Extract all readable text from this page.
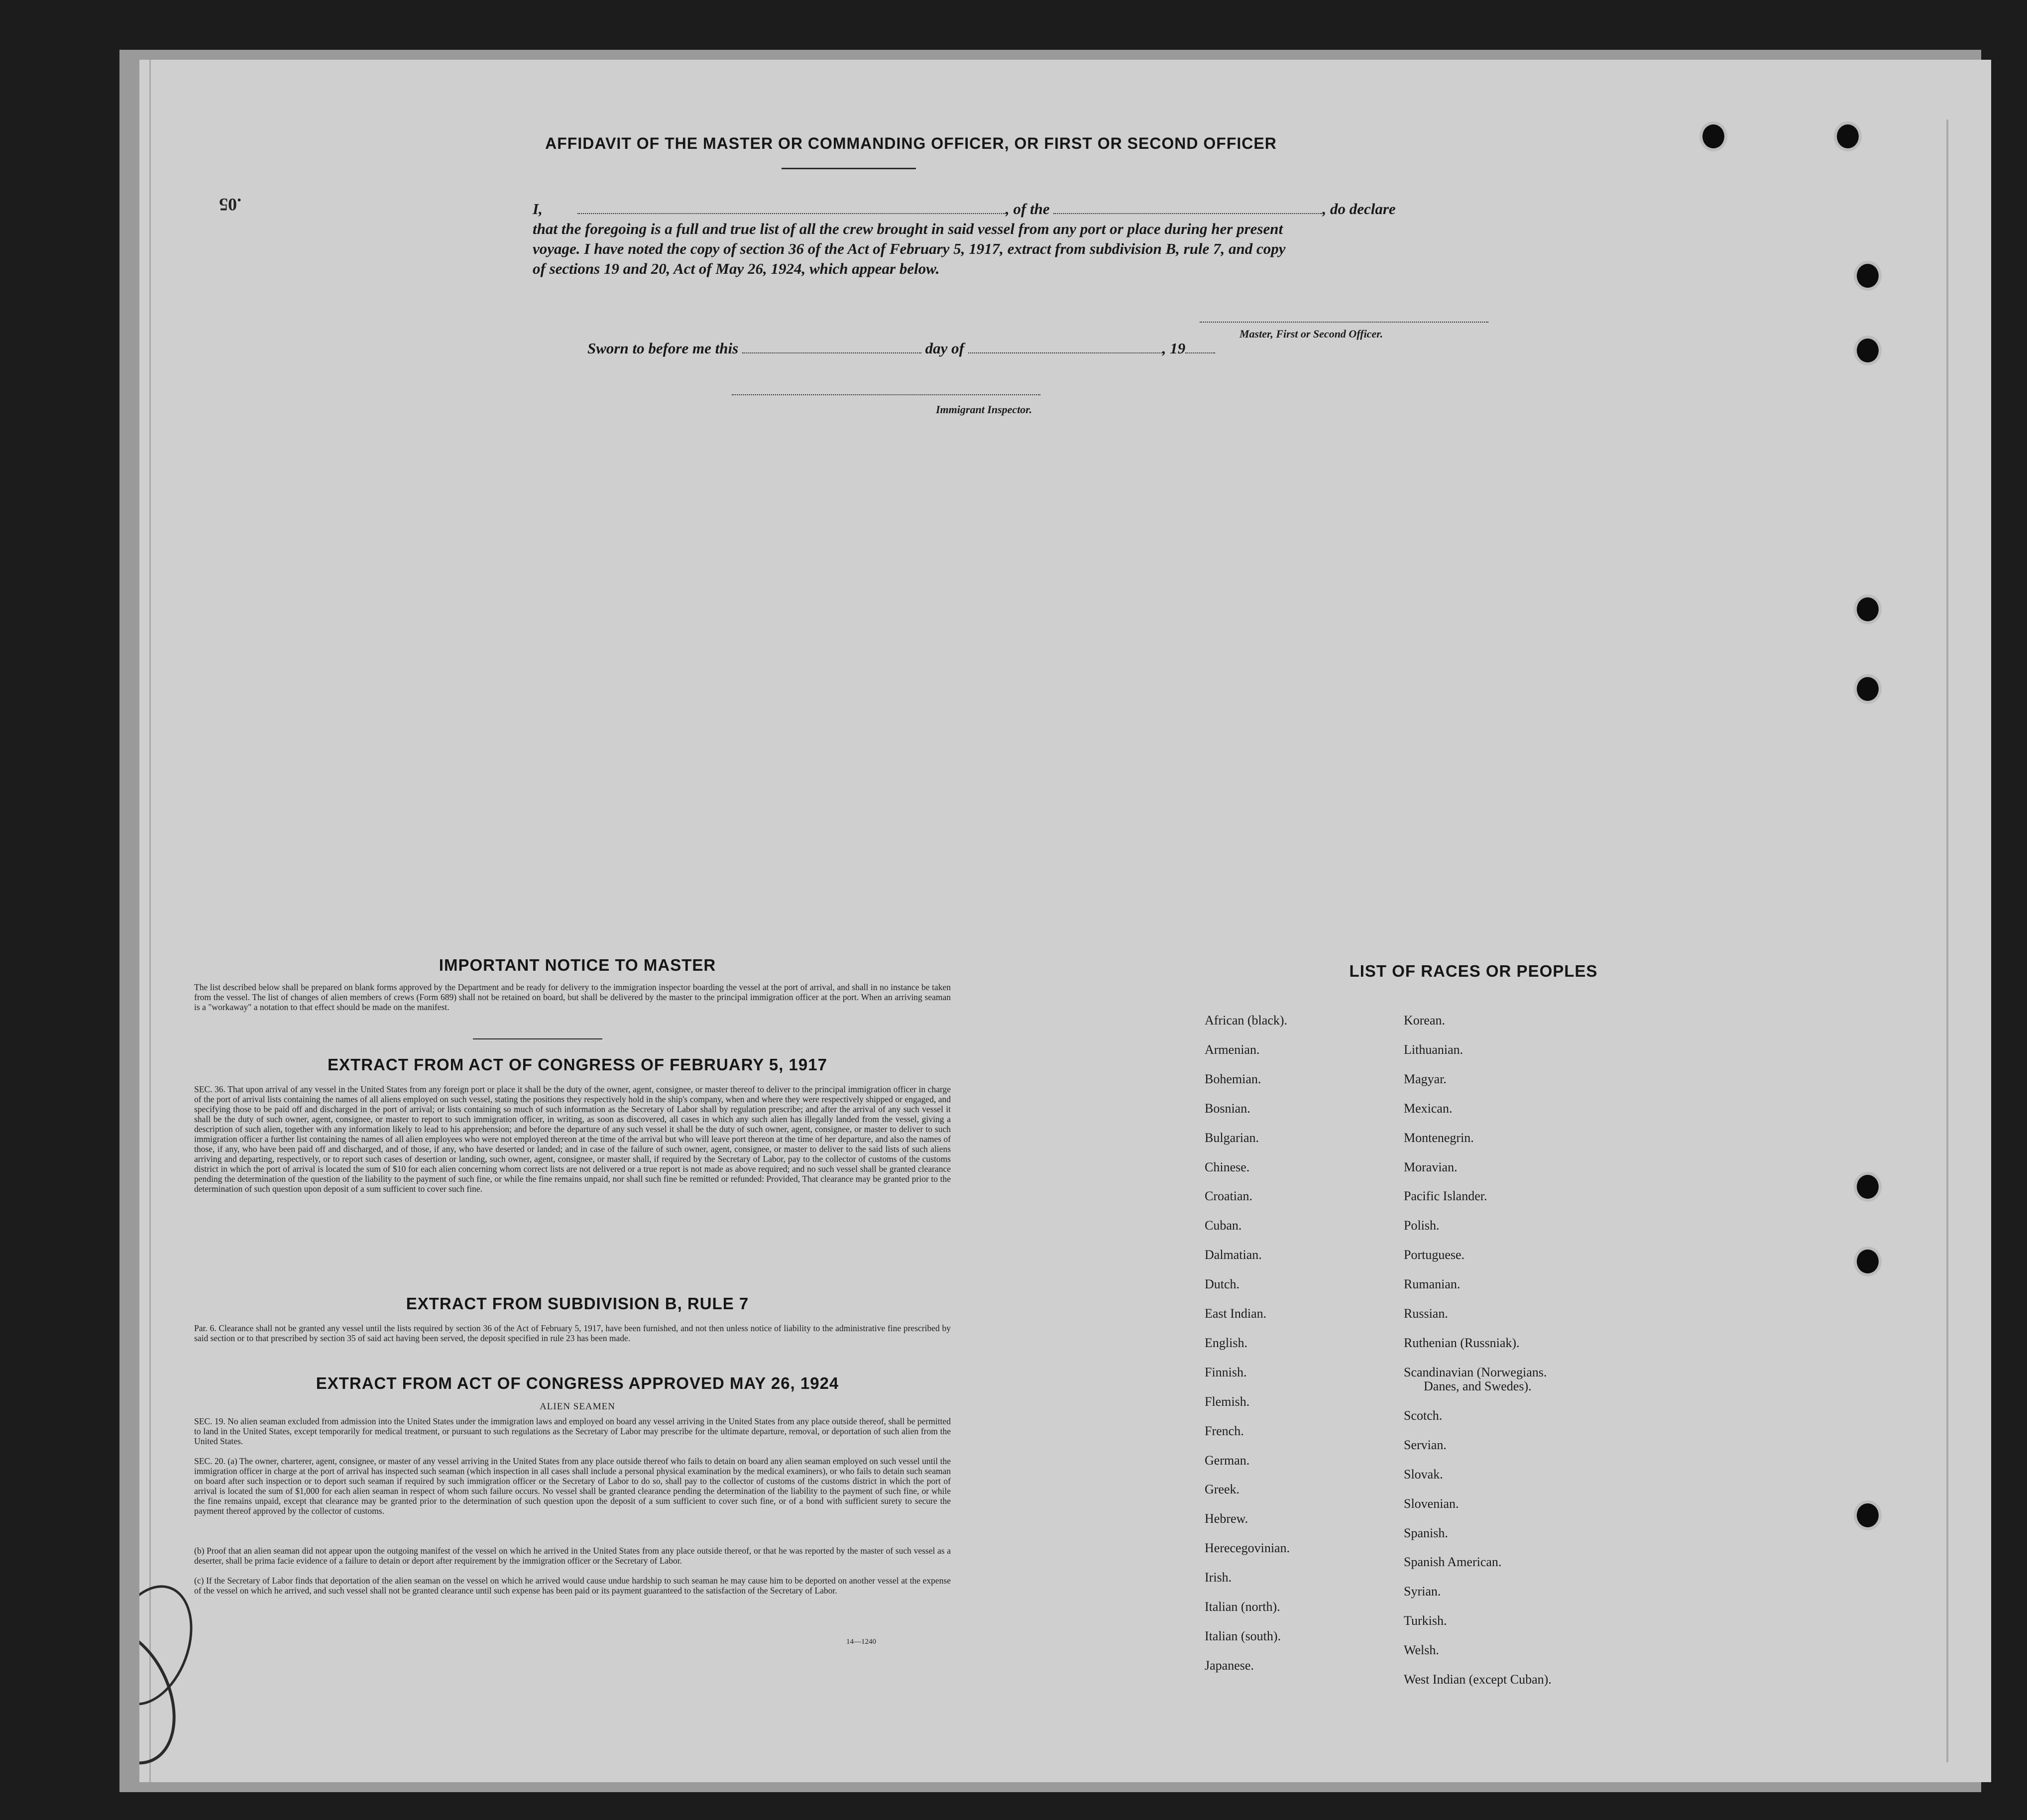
.05
AFFIDAVIT OF THE MASTER OR COMMANDING OFFICER, OR FIRST OR SECOND OFFICER
I,	, of the	, do declare
that the foregoing is a full and true list of all the crew brought in said vessel from any port or place during her present
voyage. I have noted the copy of section 36 of the Act of February 5, 1917, extract from subdivision B, rule 7, and copy
of sections 19 and 20, Act of May 26, 1924, which appear below.
Master, First or Second Officer.
Sworn to before me this	day of	, 19
Immigrant Inspector.
IMPORTANT NOTICE TO MASTER
The list described below shall be prepared on blank forms approved by the Department and be ready for delivery to the immigration inspector boarding the vessel at the port of arrival, and shall in no instance be taken from the vessel. The list of changes of alien members of crews (Form 689) shall not be retained on board, but shall be delivered by the master to the principal immigration officer at the port. When an arriving seaman is a "workaway" a notation to that effect should be made on the manifest.
EXTRACT FROM ACT OF CONGRESS OF FEBRUARY 5, 1917
SEC. 36. That upon arrival of any vessel in the United States from any foreign port or place it shall be the duty of the owner, agent, consignee, or master thereof to deliver to the principal immigration officer in charge of the port of arrival lists containing the names of all aliens employed on such vessel, stating the positions they respectively hold in the ship's company, when and where they were respectively shipped or engaged, and specifying those to be paid off and discharged in the port of arrival; or lists containing so much of such information as the Secretary of Labor shall by regulation prescribe; and after the arrival of any such vessel it shall be the duty of such owner, agent, consignee, or master to report to such immigration officer, in writing, as soon as discovered, all cases in which any such alien has illegally landed from the vessel, giving a description of such alien, together with any information likely to lead to his apprehension; and before the departure of any such vessel it shall be the duty of such owner, agent, consignee, or master to deliver to such immigration officer a further list containing the names of all alien employees who were not employed thereon at the time of the arrival but who will leave port thereon at the time of her departure, and also the names of those, if any, who have been paid off and discharged, and of those, if any, who have deserted or landed; and in case of the failure of such owner, agent, consignee, or master to deliver to the said lists of such aliens arriving and departing, respectively, or to report such cases of desertion or landing, such owner, agent, consignee, or master shall, if required by the Secretary of Labor, pay to the collector of customs of the customs district in which the port of arrival is located the sum of $10 for each alien concerning whom correct lists are not delivered or a true report is not made as above required; and no such vessel shall be granted clearance pending the determination of the question of the liability to the payment of such fine, or while the fine remains unpaid, nor shall such fine be remitted or refunded: Provided, That clearance may be granted prior to the determination of such question upon deposit of a sum sufficient to cover such fine.
EXTRACT FROM SUBDIVISION B, RULE 7
Par. 6. Clearance shall not be granted any vessel until the lists required by section 36 of the Act of February 5, 1917, have been furnished, and not then unless notice of liability to the administrative fine prescribed by said section or to that prescribed by section 35 of said act having been served, the deposit specified in rule 23 has been made.
EXTRACT FROM ACT OF CONGRESS APPROVED MAY 26, 1924
ALIEN SEAMEN
SEC. 19. No alien seaman excluded from admission into the United States under the immigration laws and employed on board any vessel arriving in the United States from any place outside thereof, shall be permitted to land in the United States, except temporarily for medical treatment, or pursuant to such regulations as the Secretary of Labor may prescribe for the ultimate departure, removal, or deportation of such alien from the United States.
SEC. 20. (a) The owner, charterer, agent, consignee, or master of any vessel arriving in the United States from any place outside thereof who fails to detain on board any alien seaman employed on such vessel until the immigration officer in charge at the port of arrival has inspected such seaman (which inspection in all cases shall include a personal physical examination by the medical examiners), or who fails to detain such seaman on board after such inspection or to deport such seaman if required by such immigration officer or the Secretary of Labor to do so, shall pay to the collector of customs of the customs district in which the port of arrival is located the sum of $1,000 for each alien seaman in respect of whom such failure occurs. No vessel shall be granted clearance pending the determination of the liability to the payment of such fine, or while the fine remains unpaid, except that clearance may be granted prior to the determination of such question upon the deposit of a sum sufficient to cover such fine, or of a bond with sufficient surety to secure the payment thereof approved by the collector of customs.
(b) Proof that an alien seaman did not appear upon the outgoing manifest of the vessel on which he arrived in the United States from any place outside thereof, or that he was reported by the master of such vessel as a deserter, shall be prima facie evidence of a failure to detain or deport after requirement by the immigration officer or the Secretary of Labor.
(c) If the Secretary of Labor finds that deportation of the alien seaman on the vessel on which he arrived would cause undue hardship to such seaman he may cause him to be deported on another vessel at the expense of the vessel on which he arrived, and such vessel shall not be granted clearance until such expense has been paid or its payment guaranteed to the satisfaction of the Secretary of Labor.
14—1240
LIST OF RACES OR PEOPLES
African (black).
Armenian.
Bohemian.
Bosnian.
Bulgarian.
Chinese.
Croatian.
Cuban.
Dalmatian.
Dutch.
East Indian.
English.
Finnish.
Flemish.
French.
German.
Greek.
Hebrew.
Herecegovinian.
Irish.
Italian (north).
Italian (south).
Japanese.
Korean.
Lithuanian.
Magyar.
Mexican.
Montenegrin.
Moravian.
Pacific Islander.
Polish.
Portuguese.
Rumanian.
Russian.
Ruthenian (Russniak).
Scandinavian (Norwegians.
Danes, and Swedes).
Scotch.
Servian.
Slovak.
Slovenian.
Spanish.
Spanish American.
Syrian.
Turkish.
Welsh.
West Indian (except Cuban).
